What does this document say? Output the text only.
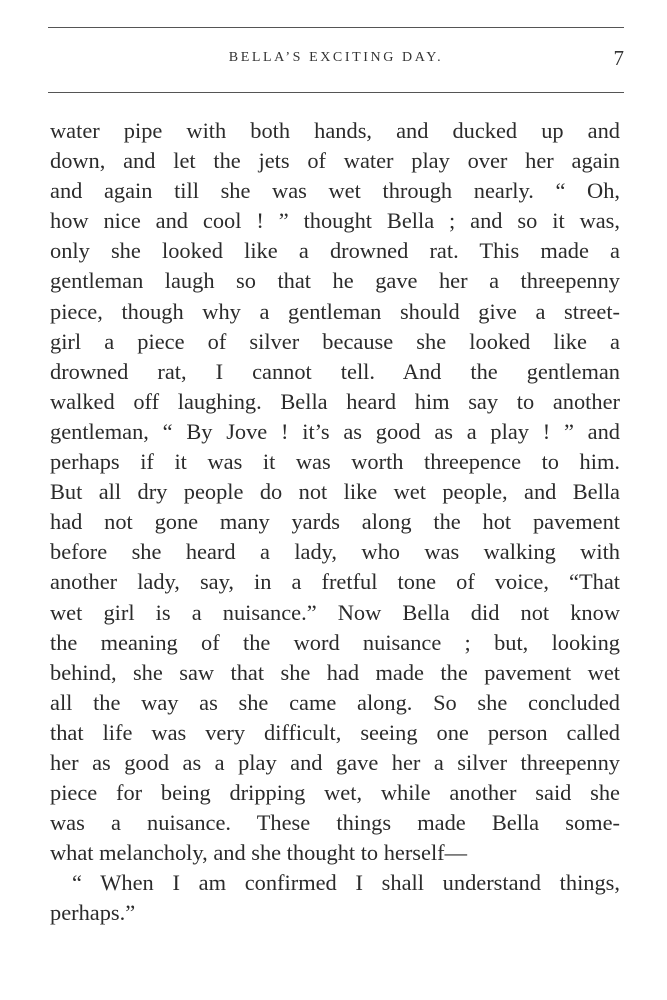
BELLA’S EXCITING DAY.	7
water pipe with both hands, and ducked up and
down, and let the jets of water play over her again
and again till she was wet through nearly. “ Oh,
how nice and cool ! ” thought Bella ; and so it was,
only she looked like a drowned rat. This made a
gentleman laugh so that he gave her a threepenny
piece, though why a gentleman should give a street-
girl a piece of silver because she looked like a
drowned rat, I cannot tell. And the gentleman
walked off laughing. Bella heard him say to another
gentleman, “ By Jove ! it’s as good as a play ! ” and
perhaps if it was it was worth threepence to him.
But all dry people do not like wet people, and Bella
had not gone many yards along the hot pavement
before she heard a lady, who was walking with
another lady, say, in a fretful tone of voice, “That
wet girl is a nuisance.” Now Bella did not know
the meaning of the word nuisance ; but, looking
behind, she saw that she had made the pavement wet
all the way as she came along. So she concluded
that life was very difficult, seeing one person called
her as good as a play and gave her a silver threepenny
piece for being dripping wet, while another said she
was a nuisance. These things made Bella some-
what melancholy, and she thought to herself—
“ When I am confirmed I shall understand things,
perhaps.”
